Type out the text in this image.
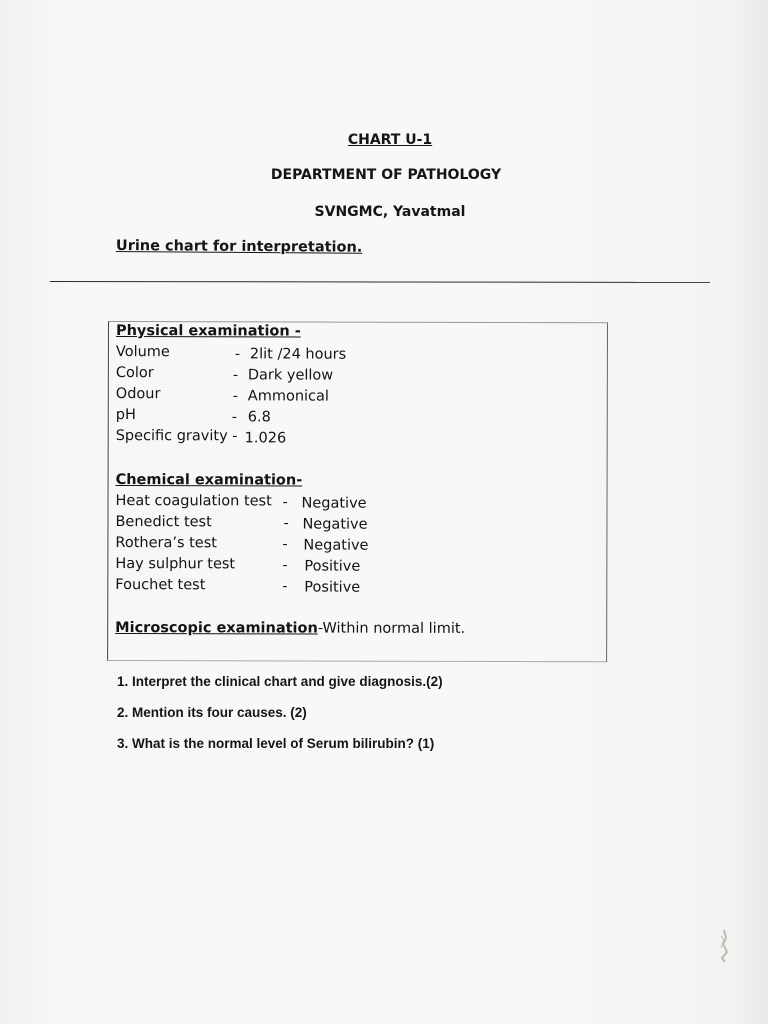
CHART U-1
DEPARTMENT OF PATHOLOGY
SVNGMC, Yavatmal
Urine chart for interpretation.
Physical examination -
Volume	- 2lit /24 hours
Color	- Dark yellow
Odour	- Ammonical
pH	- 6.8
Specific gravity - 1.026
Chemical examination-
Heat coagulation test - Negative
Benedict test	- Negative
Rothera’s test	- Negative
Hay sulphur test	- Positive
Fouchet test	- Positive
Microscopic examination-Within normal limit.
1. Interpret the clinical chart and give diagnosis.(2)
2. Mention its four causes. (2)
3. What is the normal level of Serum bilirubin? (1)
